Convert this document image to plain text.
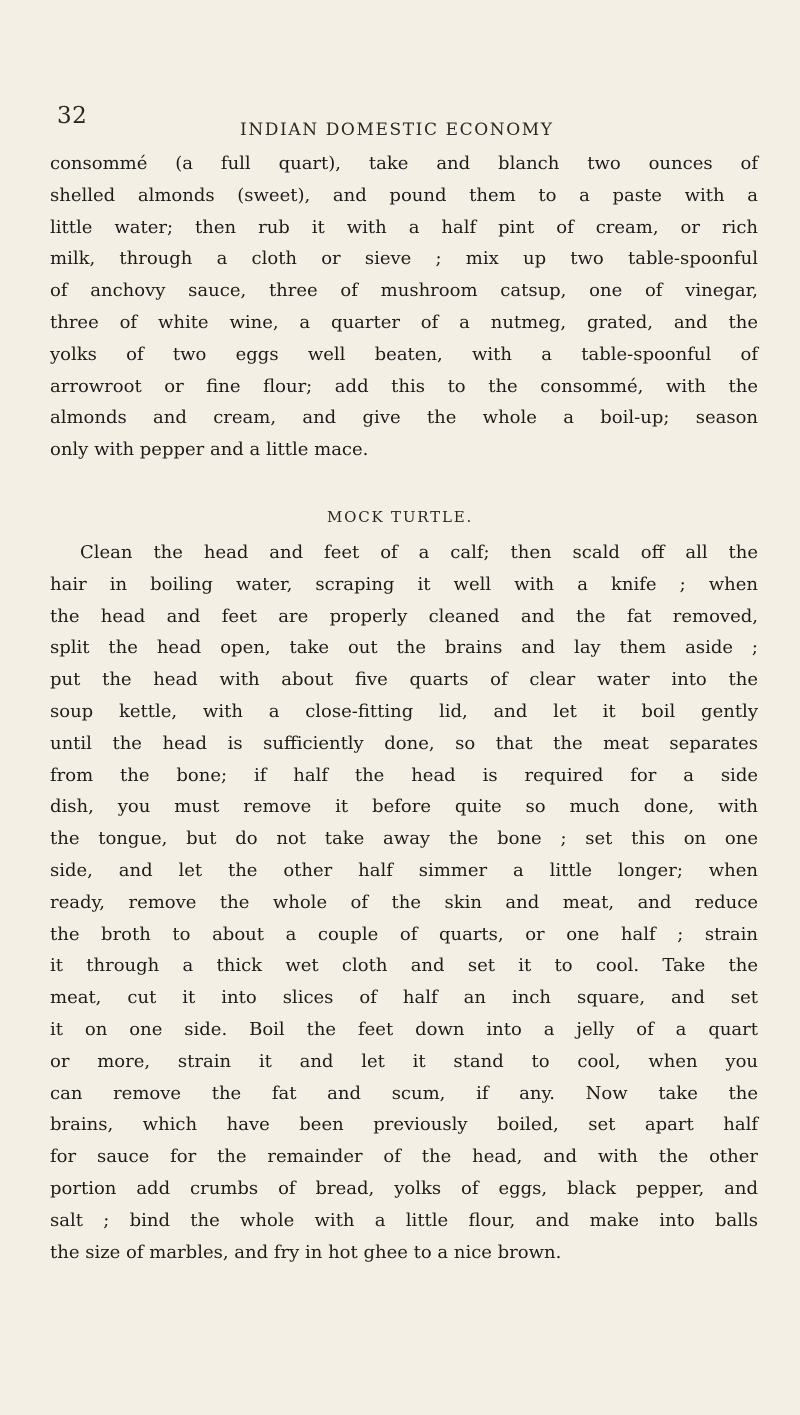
32
INDIAN DOMESTIC ECONOMY
consommé (a full quart), take and blanch two ounces of
shelled almonds (sweet), and pound them to a paste with a
little water; then rub it with a half pint of cream, or rich
milk, through a cloth or sieve ; mix up two table-spoonful
of anchovy sauce, three of mushroom catsup, one of vinegar,
three of white wine, a quarter of a nutmeg, grated, and the
yolks of two eggs well beaten, with a table-spoonful of
arrowroot or fine flour; add this to the consommé, with the
almonds and cream, and give the whole a boil-up; season
only with pepper and a little mace.
MOCK TURTLE.
Clean the head and feet of a calf; then scald off all the
hair in boiling water, scraping it well with a knife ; when
the head and feet are properly cleaned and the fat removed,
split the head open, take out the brains and lay them aside ;
put the head with about five quarts of clear water into the
soup kettle, with a close-fitting lid, and let it boil gently
until the head is sufficiently done, so that the meat separates
from the bone; if half the head is required for a side
dish, you must remove it before quite so much done, with
the tongue, but do not take away the bone ; set this on one
side, and let the other half simmer a little longer; when
ready, remove the whole of the skin and meat, and reduce
the broth to about a couple of quarts, or one half ; strain
it through a thick wet cloth and set it to cool. Take the
meat, cut it into slices of half an inch square, and set
it on one side. Boil the feet down into a jelly of a quart
or more, strain it and let it stand to cool, when you
can remove the fat and scum, if any. Now take the
brains, which have been previously boiled, set apart half
for sauce for the remainder of the head, and with the other
portion add crumbs of bread, yolks of eggs, black pepper, and
salt ; bind the whole with a little flour, and make into balls
the size of marbles, and fry in hot ghee to a nice brown.
